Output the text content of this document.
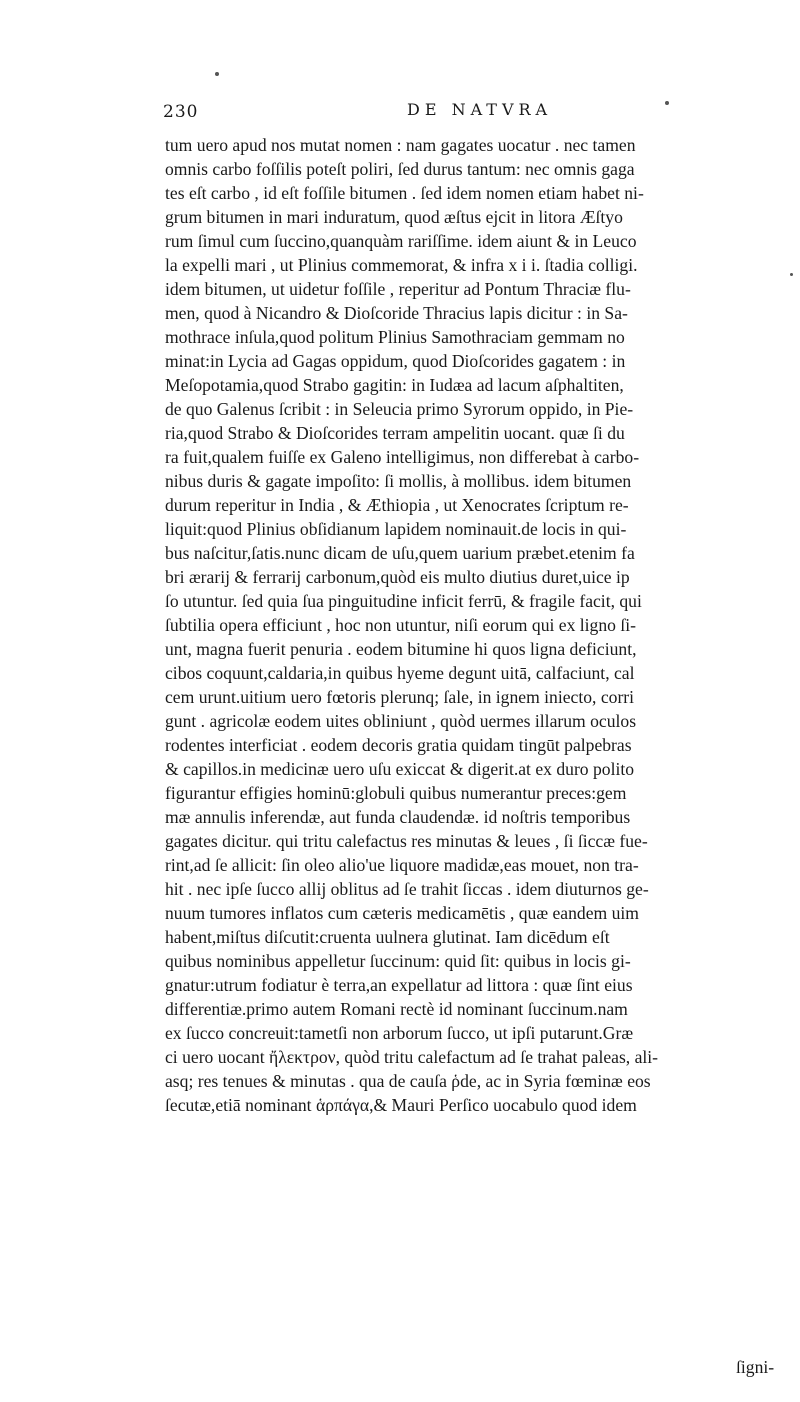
230	DE NATVRA
tum uero apud nos mutat nomen : nam gagates uocatur . nec tamen
omnis carbo foſſilis poteſt poliri, ſed durus tantum: nec omnis gaga
tes eſt carbo , id eſt foſſile bitumen . ſed idem nomen etiam habet ni-
grum bitumen in mari induratum, quod æſtus ejcit in litora Æſtyo
rum ſimul cum ſuccino,quanquàm rariſſime. idem aiunt & in Leuco
la expelli mari , ut Plinius commemorat, & infra x i i. ſtadia colligi.
idem bitumen, ut uidetur foſſile , reperitur ad Pontum Thraciæ flu-
men, quod à Nicandro & Dioſcoride Thracius lapis dicitur : in Sa-
mothrace inſula,quod politum Plinius Samothraciam gemmam no
minat:in Lycia ad Gagas oppidum, quod Dioſcorides gagatem : in
Meſopotamia,quod Strabo gagitin: in Iudæa ad lacum aſphaltiten,
de quo Galenus ſcribit : in Seleucia primo Syrorum oppido, in Pie-
ria,quod Strabo & Dioſcorides terram ampelitin uocant. quæ ſi du
ra fuit,qualem fuiſſe ex Galeno intelligimus, non differebat à carbo-
nibus duris & gagate impoſito: ſi mollis, à mollibus. idem bitumen
durum reperitur in India , & Æthiopia , ut Xenocrates ſcriptum re-
liquit:quod Plinius obſidianum lapidem nominauit.de locis in qui-
bus naſcitur,ſatis.nunc dicam de uſu,quem uarium præbet.etenim fa
bri ærarij & ferrarij carbonum,quòd eis multo diutius duret,uice ip
ſo utuntur. ſed quia ſua pinguitudine inficit ferrū, & fragile facit, qui
ſubtilia opera efficiunt , hoc non utuntur, niſi eorum qui ex ligno ſi-
unt, magna fuerit penuria . eodem bitumine hi quos ligna deficiunt,
cibos coquunt,caldaria,in quibus hyeme degunt uitā, calfaciunt, cal
cem urunt.uitium uero fœtoris plerunq; ſale, in ignem iniecto, corri
gunt . agricolæ eodem uites obliniunt , quòd uermes illarum oculos
rodentes interficiat . eodem decoris gratia quidam tingūt palpebras
& capillos.in medicinæ uero uſu exiccat & digerit.at ex duro polito
figurantur effigies hominū:globuli quibus numerantur preces:gem
mæ annulis inferendæ, aut funda claudendæ. id noſtris temporibus
gagates dicitur. qui tritu calefactus res minutas & leues , ſi ſiccæ fue-
rint,ad ſe allicit: ſin oleo alio'ue liquore madidæ,eas mouet, non tra-
hit . nec ipſe ſucco allij oblitus ad ſe trahit ſiccas . idem diuturnos ge-
nuum tumores inflatos cum cæteris medicamētis , quæ eandem uim
habent,miſtus diſcutit:cruenta uulnera glutinat. Iam dicēdum eſt
quibus nominibus appelletur ſuccinum: quid ſit: quibus in locis gi-
gnatur:utrum fodiatur è terra,an expellatur ad littora : quæ ſint eius
differentiæ.primo autem Romani rectè id nominant ſuccinum.nam
ex ſucco concreuit:tametſi non arborum ſucco, ut ipſi putarunt.Græ
ci uero uocant ἤλεκτρον, quòd tritu calefactum ad ſe trahat paleas, ali-
asq; res tenues & minutas . qua de cauſa ῥde, ac in Syria fœminæ eos
ſecutæ,etiā nominant ἁρπάγα,& Mauri Perſico uocabulo quod idem
ſigni-
